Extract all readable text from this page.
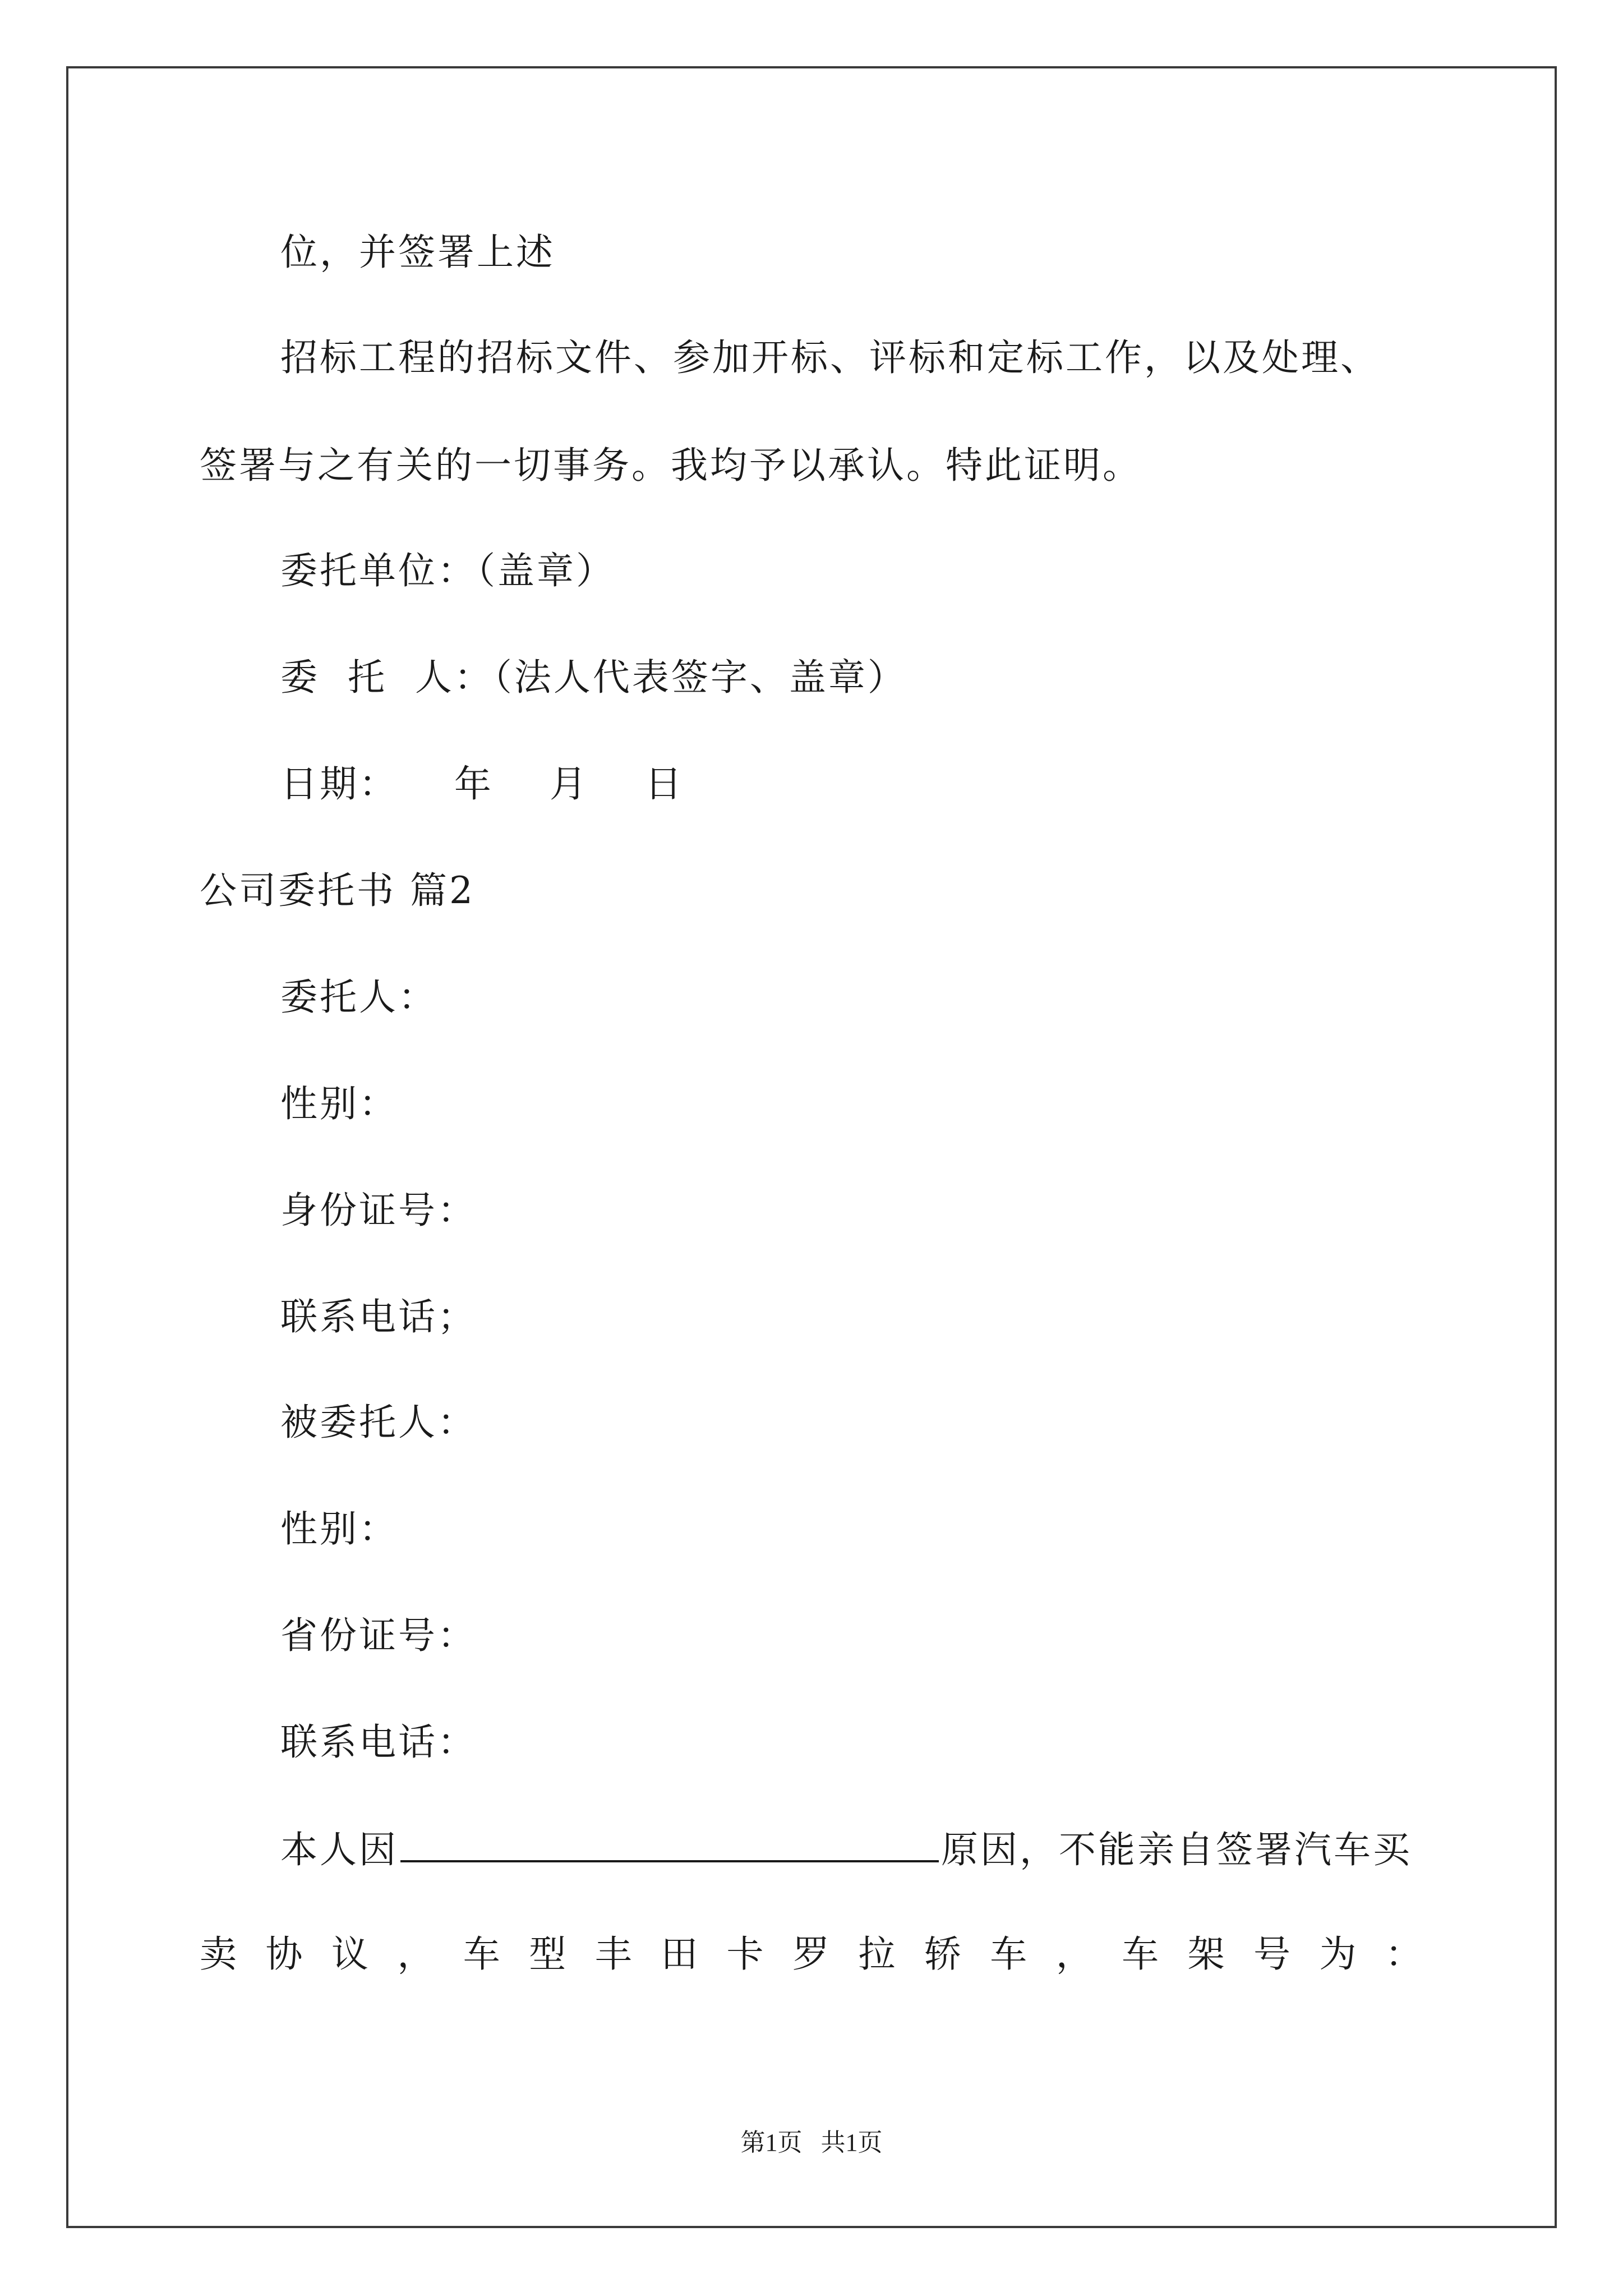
位，并签署上述
招标工程的招标文件、参加开标、评标和定标工作，以及处理、
签署与之有关的一切事务。我均予以承认。特此证明。
委托单位：（盖章）
委  托  人：（法人代表签字、盖章）
日期：    年    月    日
公司委托书 篇2
委托人：
性别：
身份证号：
联系电话；
被委托人：
性别：
省份证号：
联系电话：
本人因	原因，不能亲自签署汽车买
卖 协 议 ， 车 型 丰 田 卡 罗 拉 轿 车 ， 车 架 号 为 ：
第1页   共1页
